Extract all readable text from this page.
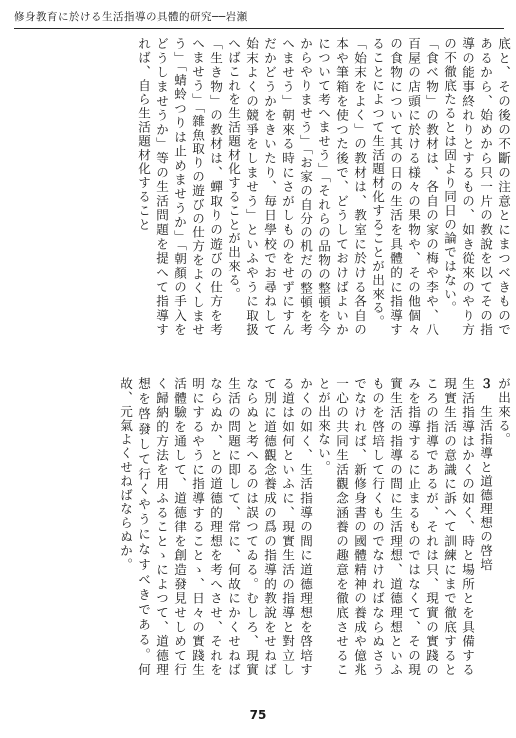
修身教育に於ける生活指導の具體的研究──岩瀬

底と、その後の不斷の注意とにまつべきものであるから、始めから只一片の教說を以てその指導の能事終れりとするもの、如き從來のやり方の不徹底たるとは固より同日の論ではない。

「食べ物」の教材は、各自の家の梅や李や、八百屋の店頭に於ける様々の果物や、その他個々の食物について其の日の生活を具體的に指導することによつて生活題材化することが出來る。

「始末をよく」の教材は、教室に於ける各自の本や筆箱を使つた後で、どうしておけばよいかについて考へませう」「それらの品物の整頓を今からやりませう」「お家の自分の机だの整頓を考へませう」朝來る時にさがしものをせずにすんだかどうかをきいたり、毎日學校でお尋ねして始末よくの競爭をしませう」といふやうに取扱へばこれを生活題材化することが出來る。

「生き物」の教材は、蟬取りの遊びの仕方を考へませう」「雜魚取りの遊びの仕方をよくしませう」「蜻蛉つりは止めませうか」「朝顏の手入をどうしませうか」等の生活問題を提へて指導すれば、自ら生活題材化すること

が出來る。

３　生活指導と道德理想の啓培

生活指導はかくの如く、時と場所とを具備する現實生活の意識に訴へて訓練にまで徹底するところの指導であるが、それは只、現實の實踐のみを指導するに止まるものではなくて、その現實生活の指導の間に生活理想、道德理想といふものを啓培して行くものでなければならぬさうでなければ、新修身書の國體精神の養成や億兆一心の共同生活觀念涵養の趣意を徹底させることが出來ない。

かくの如く、生活指導の間に道德理想を啓培する道は如何といふに、現實生活の指導と對立して別に道德觀念養成の爲の指導的教說をせねばならぬと考へるのは誤つてゐる。むしろ、現實生活の問題に即して、常に、何故にかくせねばならぬか、との道德的理想を考へさせ、それを明にするやうに指導することゝ、日々の實踐生活體驗を通して、道德律を創造發見せしめて行く歸納的方法を用ふることゝによつて、道德理想を啓發して行くやうになすべきである。何故、元氣よくせねばならぬか。

75
